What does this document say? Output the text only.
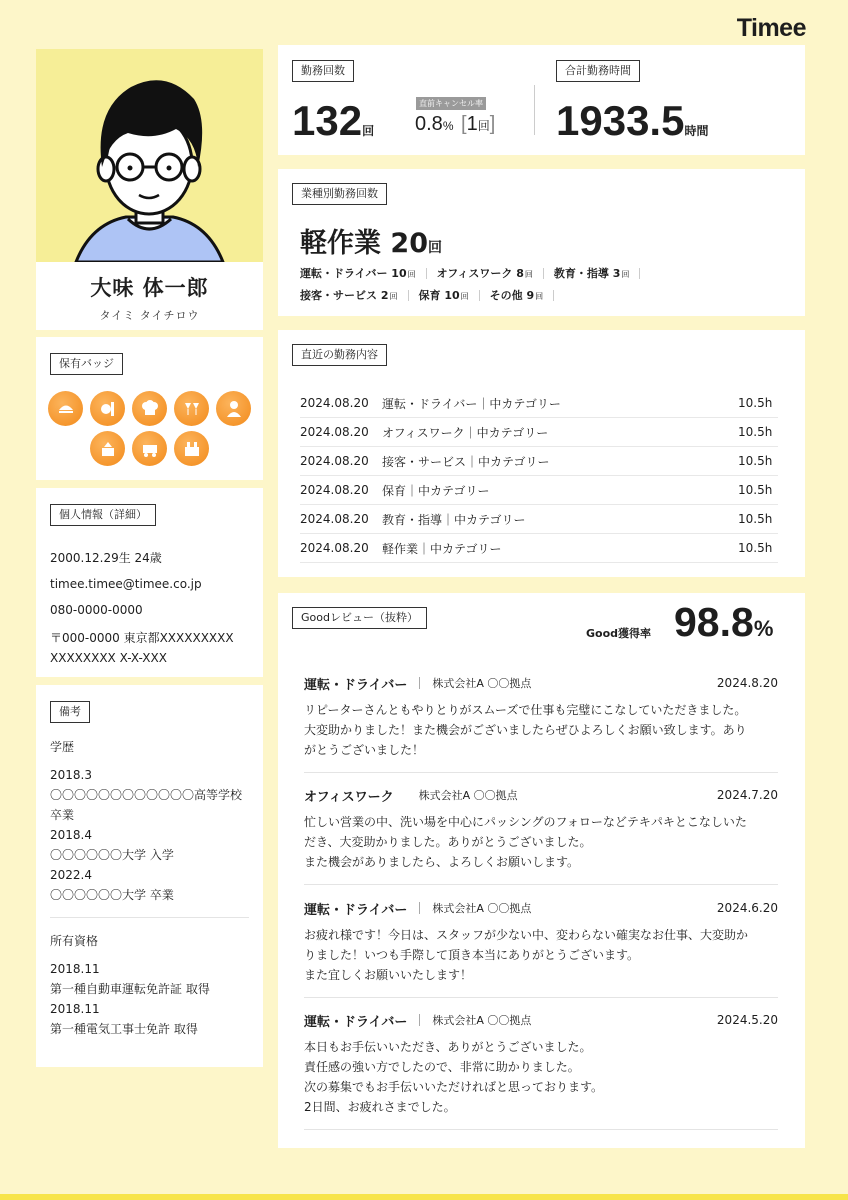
Timee
大味 体一郎
タイミ タイチロウ
保有バッジ
個人情報（詳細）
2000.12.29生 24歳
timee.timee@timee.co.jp
080-0000-0000
〒000-0000 東京都XXXXXXXXX
XXXXXXXX X-X-XXX
備考
学歴
2018.3
〇〇〇〇〇〇〇〇〇〇〇〇高等学校
卒業
2018.4
〇〇〇〇〇〇大学 入学
2022.4
〇〇〇〇〇〇大学 卒業
所有資格
2018.11
第一種自動車運転免許証 取得
2018.11
第一種電気工事士免許 取得
勤務回数
132回
直前キャンセル率
0.8% [1回]
合計勤務時間
1933.5時間
業種別勤務回数
軽作業 20回
運転・ドライバー
10 回 オフィスワーク
8 回 教育・指導
3 回
接客・サービス
2 回 保育
10 回 その他
9 回
直近の勤務内容
2024.08.20	運転・ドライバー｜中カテゴリー	10.5h
2024.08.20	オフィスワーク｜中カテゴリー	10.5h
2024.08.20	接客・サービス｜中カテゴリー	10.5h
2024.08.20	保育｜中カテゴリー	10.5h
2024.08.20	教育・指導｜中カテゴリー	10.5h
2024.08.20	軽作業｜中カテゴリー	10.5h
Goodレビュー（抜粋）
Good獲得率 98.8%
運転・ドライバー 株式会社A 〇〇拠点	2024.8.20
リピーターさんともやりとりがスムーズで仕事も完璧にこなしていただきました。
大変助かりました！また機会がございましたらぜひよろしくお願い致します。あり
がとうございました！
オフィスワーク 株式会社A 〇〇拠点	2024.7.20
忙しい営業の中、洗い場を中心にパッシングのフォローなどテキパキとこなしいた
だき、大変助かりました。ありがとうございました。
また機会がありましたら、よろしくお願いします。
運転・ドライバー 株式会社A 〇〇拠点	2024.6.20
お疲れ様です！今日は、スタッフが少ない中、変わらない確実なお仕事、大変助か
りました！いつも手際して頂き本当にありがとうございます。
また宜しくお願いいたします！
運転・ドライバー 株式会社A 〇〇拠点	2024.5.20
本日もお手伝いいただき、ありがとうございました。
責任感の強い方でしたので、非常に助かりました。
次の募集でもお手伝いいただければと思っております。
2日間、お疲れさまでした。
